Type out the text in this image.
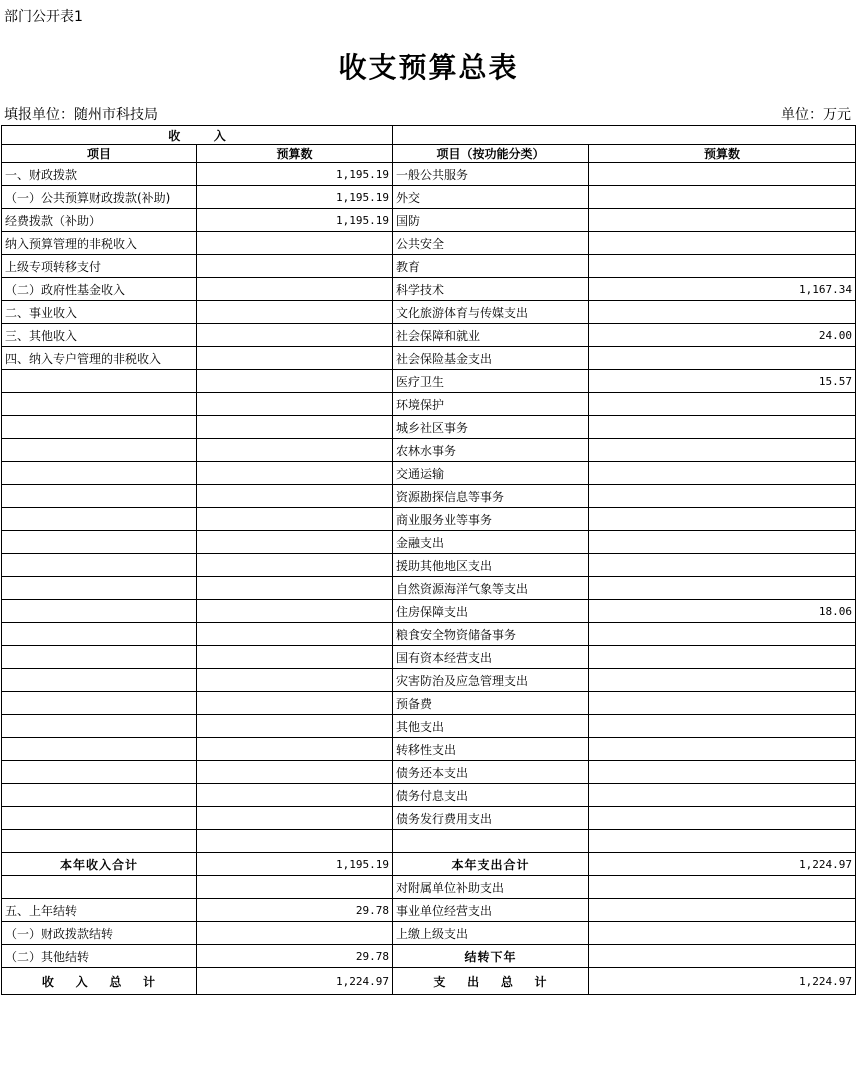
部门公开表1
收支预算总表
填报单位：随州市科技局	单位：万元
收        入			
项目	预算数	项目（按功能分类）	预算数
一、财政拨款	1,195.19	一般公共服务	
（一）公共预算财政拨款(补助)	1,195.19	外交	
经费拨款（补助）	1,195.19	国防	
纳入预算管理的非税收入		公共安全	
上级专项转移支付		教育	
（二）政府性基金收入		科学技术	1,167.34
二、事业收入		文化旅游体育与传媒支出	
三、其他收入		社会保障和就业	24.00
四、纳入专户管理的非税收入		社会保险基金支出	
		医疗卫生	15.57
		环境保护	
		城乡社区事务	
		农林水事务	
		交通运输	
		资源勘探信息等事务	
		商业服务业等事务	
		金融支出	
		援助其他地区支出	
		自然资源海洋气象等支出	
		住房保障支出	18.06
		粮食安全物资储备事务	
		国有资本经营支出	
		灾害防治及应急管理支出	
		预备费	
		其他支出	
		转移性支出	
		债务还本支出	
		债务付息支出	
		债务发行费用支出	

本年收入合计	1,195.19	本年支出合计	1,224.97
		对附属单位补助支出	
五、上年结转	29.78	事业单位经营支出	
（一）财政拨款结转		上缴上级支出	
（二）其他结转	29.78	结转下年	
收    入    总    计	1,224.97	支    出    总    计	1,224.97
